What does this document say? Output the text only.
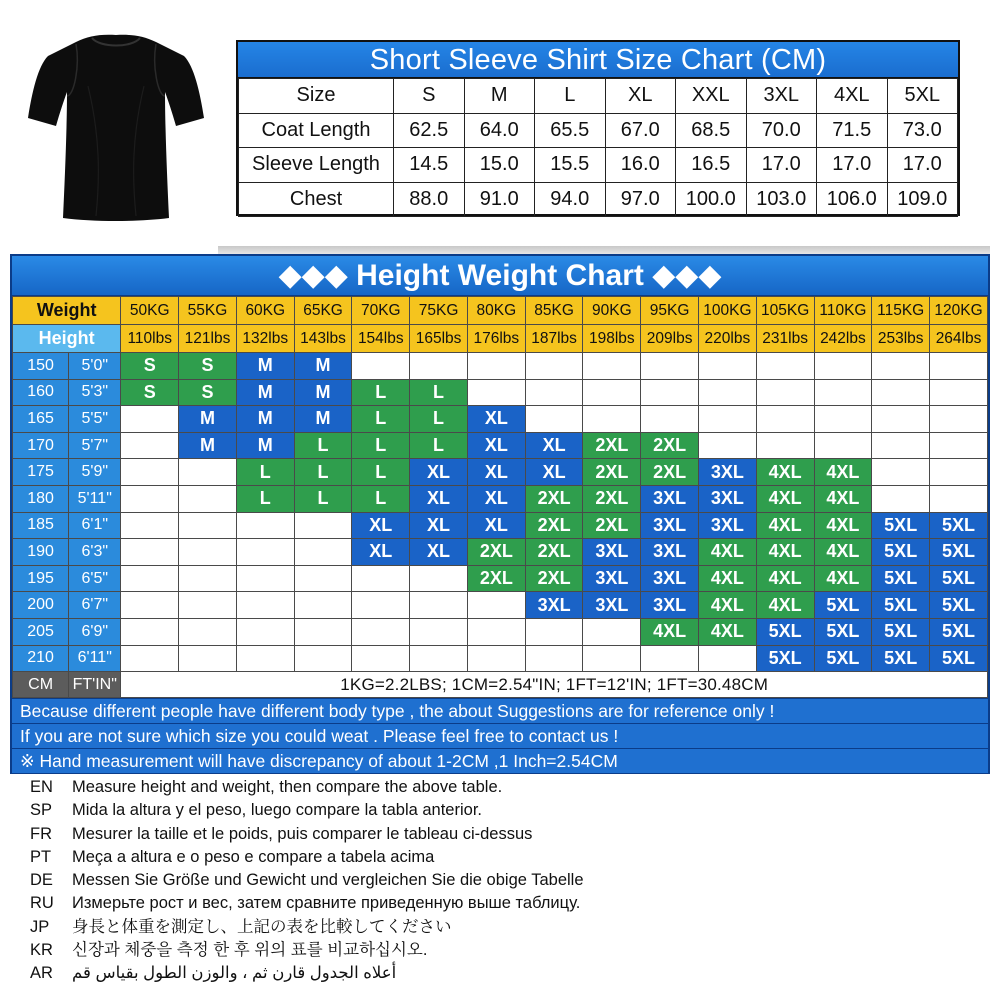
Short Sleeve Shirt Size Chart (CM)
Size	S	M	L	XL	XXL	3XL	4XL	5XL
Coat Length	62.5	64.0	65.5	67.0	68.5	70.0	71.5	73.0
Sleeve Length	14.5	15.0	15.5	16.0	16.5	17.0	17.0	17.0
Chest	88.0	91.0	94.0	97.0	100.0	103.0	106.0	109.0
◆◆◆ Height Weight Chart ◆◆◆
Weight		50KG	55KG	60KG	65KG	70KG	75KG	80KG	85KG	90KG	95KG	100KG	105KG	110KG	115KG	120KG
Height		110lbs	121lbs	132lbs	143lbs	154lbs	165lbs	176lbs	187lbs	198lbs	209lbs	220lbs	231lbs	242lbs	253lbs	264lbs
150	5'0"	S	S	M	M											
160	5'3"	S	S	M	M	L	L									
165	5'5"		M	M	M	L	L	XL								
170	5'7"		M	M	L	L	L	XL	XL	2XL	2XL					
175	5'9"			L	L	L	XL	XL	XL	2XL	2XL	3XL	4XL	4XL		
180	5'11"			L	L	L	XL	XL	2XL	2XL	3XL	3XL	4XL	4XL		
185	6'1"					XL	XL	XL	2XL	2XL	3XL	3XL	4XL	4XL	5XL	5XL
190	6'3"					XL	XL	2XL	2XL	3XL	3XL	4XL	4XL	4XL	5XL	5XL
195	6'5"							2XL	2XL	3XL	3XL	4XL	4XL	4XL	5XL	5XL
200	6'7"								3XL	3XL	3XL	4XL	4XL	5XL	5XL	5XL
205	6'9"										4XL	4XL	5XL	5XL	5XL	5XL
210	6'11"												5XL	5XL	5XL	5XL
CM	FT'IN"	1KG=2.2LBS; 1CM=2.54"IN; 1FT=12'IN; 1FT=30.48CM														
Because different people have different body type , the about Suggestions are for reference only !
If you are not sure which size you could weat . Please feel free to contact us !
※ Hand measurement will have discrepancy of about 1-2CM ,1 Inch=2.54CM
EN Measure height and weight, then compare the above table.
SP Mida la altura y el peso, luego compare la tabla anterior.
FR Mesurer la taille et le poids, puis comparer le tableau ci-dessus
PT Meça a altura e o peso e compare a tabela acima
DE Messen Sie Größe und Gewicht und vergleichen Sie die obige Tabelle
RU Измерьте рост и вес, затем сравните приведенную выше таблицу.
JP 身長と体重を測定し、上記の表を比較してください
KR 신장과 체중을 측정 한 후 위의 표를 비교하십시오.
AR أعلاه الجدول قارن ثم ، والوزن الطول بقياس قم
